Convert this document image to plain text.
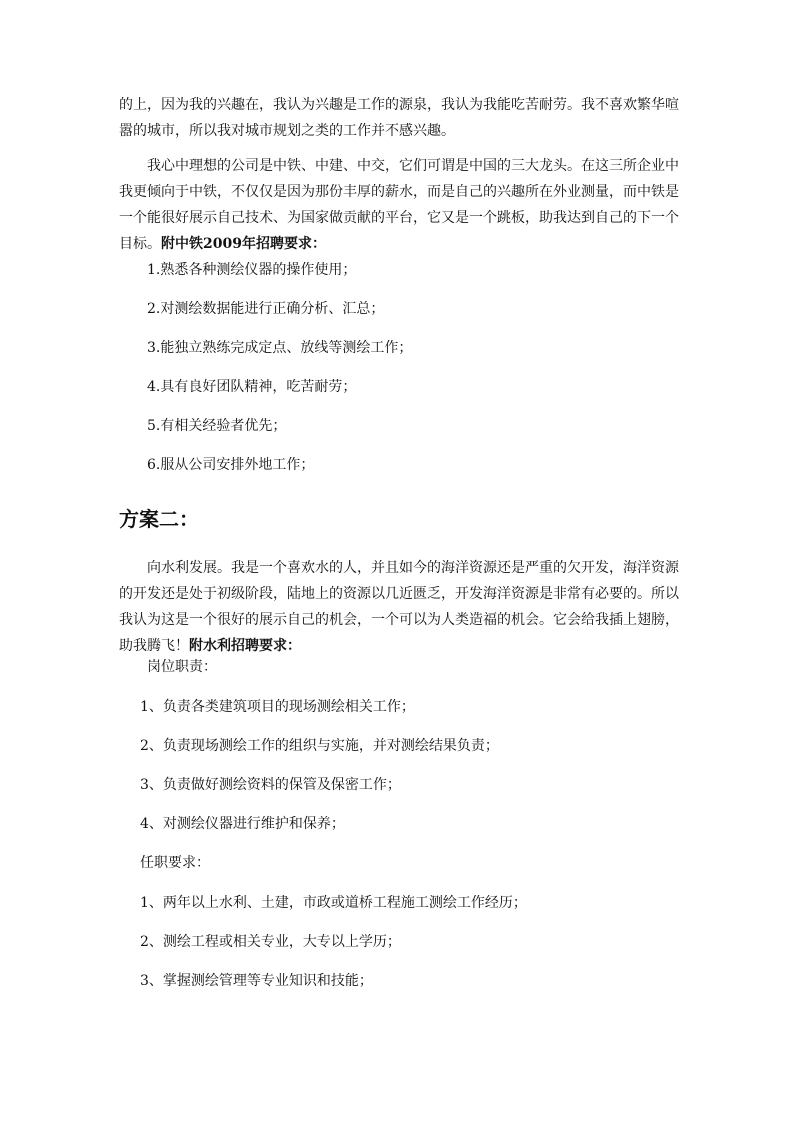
的上，因为我的兴趣在，我认为兴趣是工作的源泉，我认为我能吃苦耐劳。我不喜欢繁华喧嚣的城市，所以我对城市规划之类的工作并不感兴趣。

我心中理想的公司是中铁、中建、中交，它们可谓是中国的三大龙头。在这三所企业中我更倾向于中铁，不仅仅是因为那份丰厚的薪水，而是自己的兴趣所在外业测量，而中铁是一个能很好展示自己技术、为国家做贡献的平台，它又是一个跳板，助我达到自己的下一个目标。附中铁2009年招聘要求：

1.熟悉各种测绘仪器的操作使用；

2.对测绘数据能进行正确分析、汇总；

3.能独立熟练完成定点、放线等测绘工作；

4.具有良好团队精神，吃苦耐劳；

5.有相关经验者优先；

6.服从公司安排外地工作；

方案二：

向水利发展。我是一个喜欢水的人，并且如今的海洋资源还是严重的欠开发，海洋资源的开发还是处于初级阶段，陆地上的资源以几近匮乏，开发海洋资源是非常有必要的。所以我认为这是一个很好的展示自己的机会，一个可以为人类造福的机会。它会给我插上翅膀，助我腾飞！附水利招聘要求：

岗位职责：

1、负责各类建筑项目的现场测绘相关工作；

2、负责现场测绘工作的组织与实施，并对测绘结果负责；

3、负责做好测绘资料的保管及保密工作；

4、对测绘仪器进行维护和保养；

任职要求：

1、两年以上水利、土建，市政或道桥工程施工测绘工作经历；

2、测绘工程或相关专业，大专以上学历；

3、掌握测绘管理等专业知识和技能；
